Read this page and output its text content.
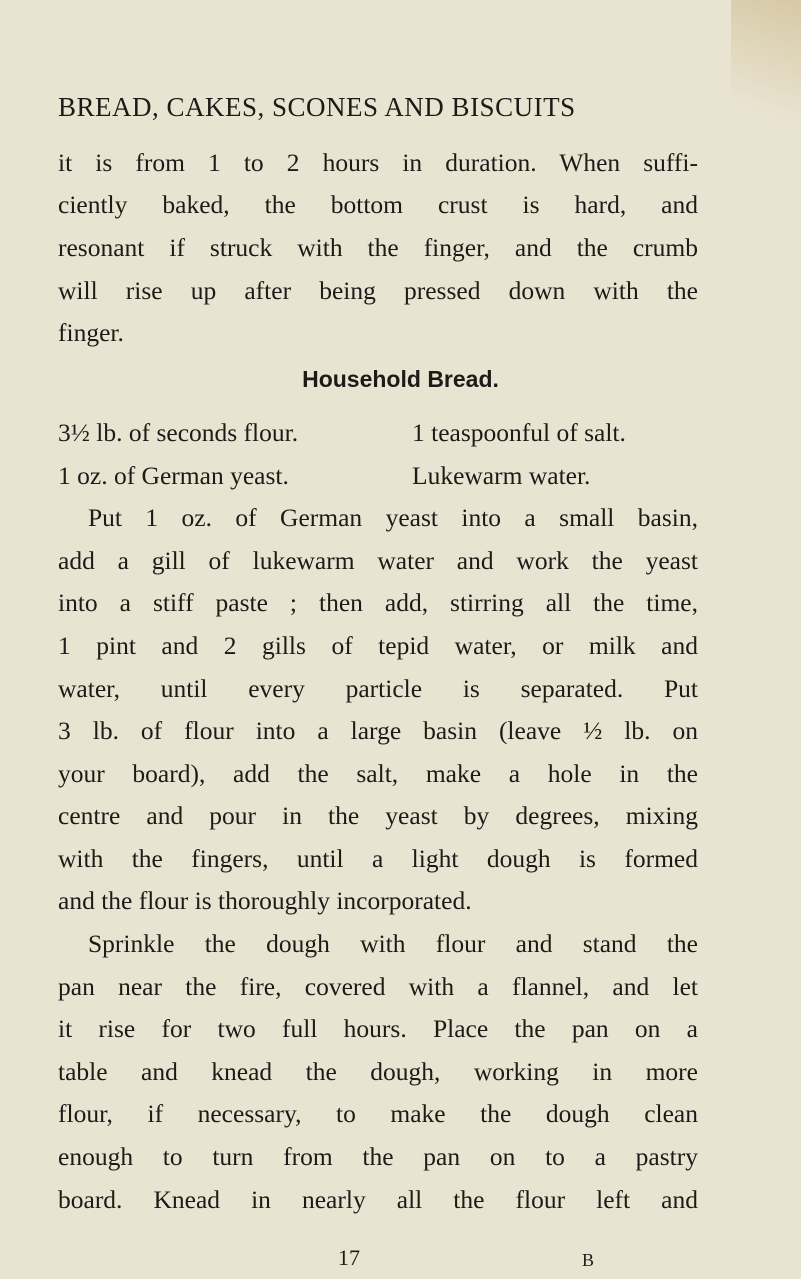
BREAD, CAKES, SCONES AND BISCUITS
it is from 1 to 2 hours in duration. When suffi-
ciently baked, the bottom crust is hard, and
resonant if struck with the finger, and the crumb
will rise up after being pressed down with the
finger.
Household Bread.
3½ lb. of seconds flour.	1 teaspoonful of salt.
1 oz. of German yeast.	Lukewarm water.
Put 1 oz. of German yeast into a small basin,
add a gill of lukewarm water and work the yeast
into a stiff paste ; then add, stirring all the time,
1 pint and 2 gills of tepid water, or milk and
water, until every particle is separated. Put
3 lb. of flour into a large basin (leave ½ lb. on
your board), add the salt, make a hole in the
centre and pour in the yeast by degrees, mixing
with the fingers, until a light dough is formed
and the flour is thoroughly incorporated.
Sprinkle the dough with flour and stand the
pan near the fire, covered with a flannel, and let
it rise for two full hours. Place the pan on a
table and knead the dough, working in more
flour, if necessary, to make the dough clean
enough to turn from the pan on to a pastry
board. Knead in nearly all the flour left and
17	B
